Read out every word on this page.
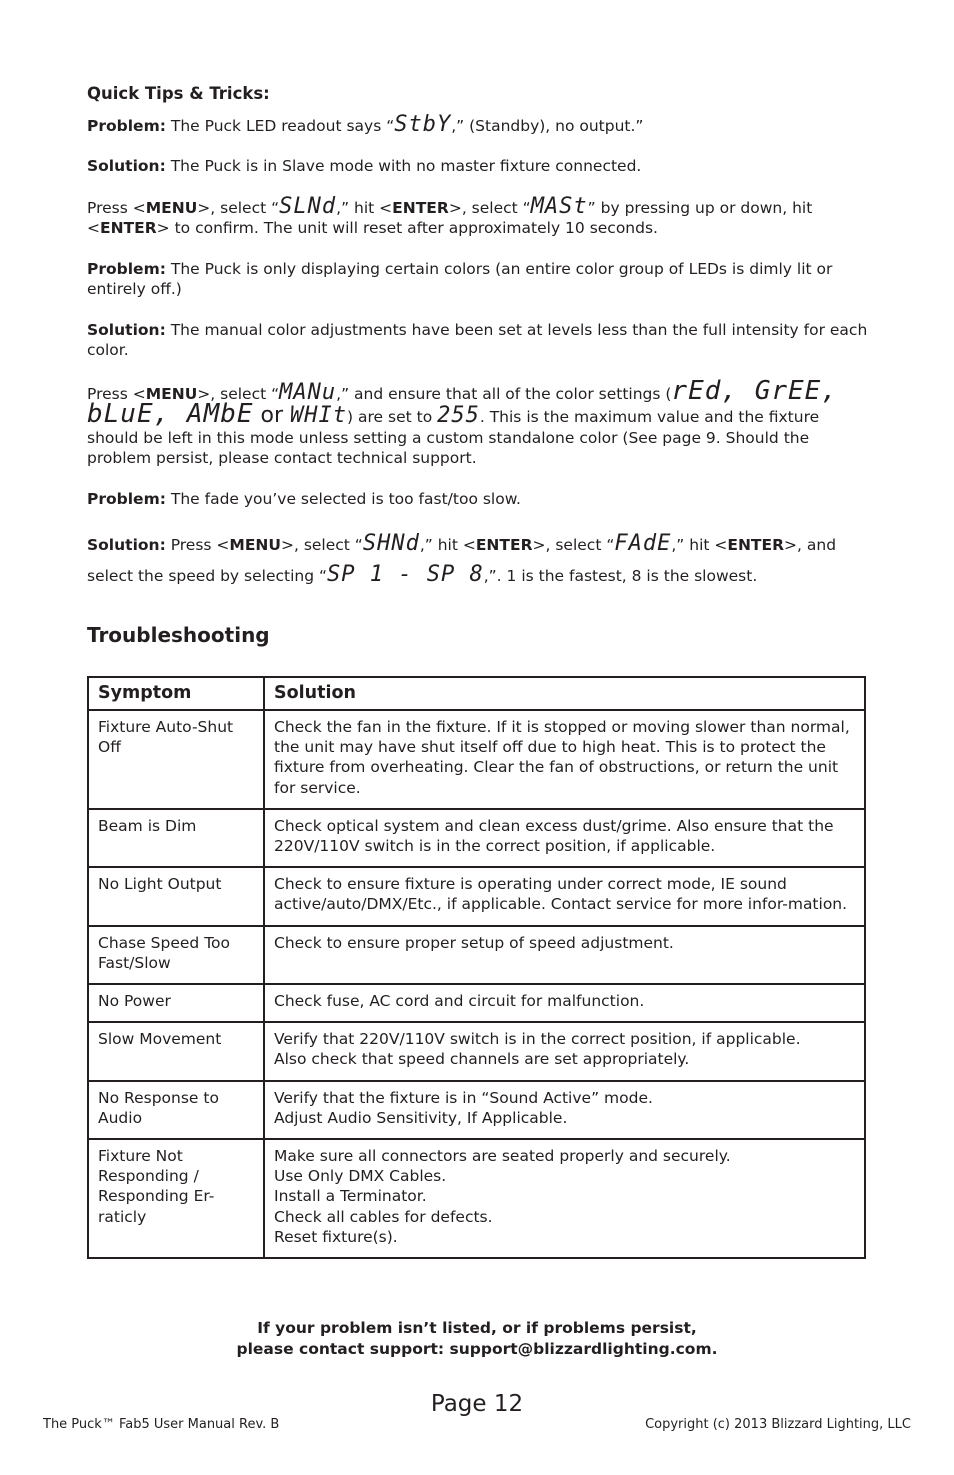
Quick Tips & Tricks:

Problem: The Puck LED readout says “StbY,” (Standby), no output.”

Solution: The Puck is in Slave mode with no master fixture connected.

Press <MENU>, select “SLNd,” hit <ENTER>, select “MASt” by pressing up or down, hit <ENTER> to confirm. The unit will reset after approximately 10 seconds.

Problem: The Puck is only displaying certain colors (an entire color group of LEDs is dimly lit or entirely off.)

Solution: The manual color adjustments have been set at levels less than the full intensity for each color.

Press <MENU>, select “MANu,” and ensure that all of the color settings (rEd, GrEE, bLuE, AMbE or WHIt) are set to 255. This is the maximum value and the fixture should be left in this mode unless setting a custom standalone color (See page 9. Should the problem persist, please contact technical support.

Problem: The fade you’ve selected is too fast/too slow.

Solution: Press <MENU>, select “SHNd,” hit <ENTER>, select “FAdE,” hit <ENTER>, and select the speed by selecting “SP 1 - SP 8,”. 1 is the fastest, 8 is the slowest.

Troubleshooting
Symptom	Solution
Fixture Auto-Shut Off	Check the fan in the fixture. If it is stopped or moving slower than normal, the unit may have shut itself off due to high heat. This is to protect the fixture from overheating. Clear the fan of obstructions, or return the unit for service.

Beam is Dim	Check optical system and clean excess dust/grime. Also ensure that the 220V/110V switch is in the correct position, if applicable.

No Light Output	Check to ensure fixture is operating under correct mode, IE sound active/auto/DMX/Etc., if applicable. Contact service for more infor-mation.

Chase Speed Too Fast/Slow	Check to ensure proper setup of speed adjustment.

No Power	Check fuse, AC cord and circuit for malfunction.

Slow Movement	Verify that 220V/110V switch is in the correct position, if applicable.
Also check that speed channels are set appropriately.

No Response to Audio	Verify that the fixture is in “Sound Active” mode.
Adjust Audio Sensitivity, If Applicable.

Fixture Not Responding / Responding Er-raticly	Make sure all connectors are seated properly and securely.
Use Only DMX Cables.
Install a Terminator.
Check all cables for defects.
Reset fixture(s).
If your problem isn’t listed, or if problems persist,
please contact support: support@blizzardlighting.com.
Page 12
The Puck™ Fab5 User Manual Rev. B	Copyright (c) 2013 Blizzard Lighting, LLC
